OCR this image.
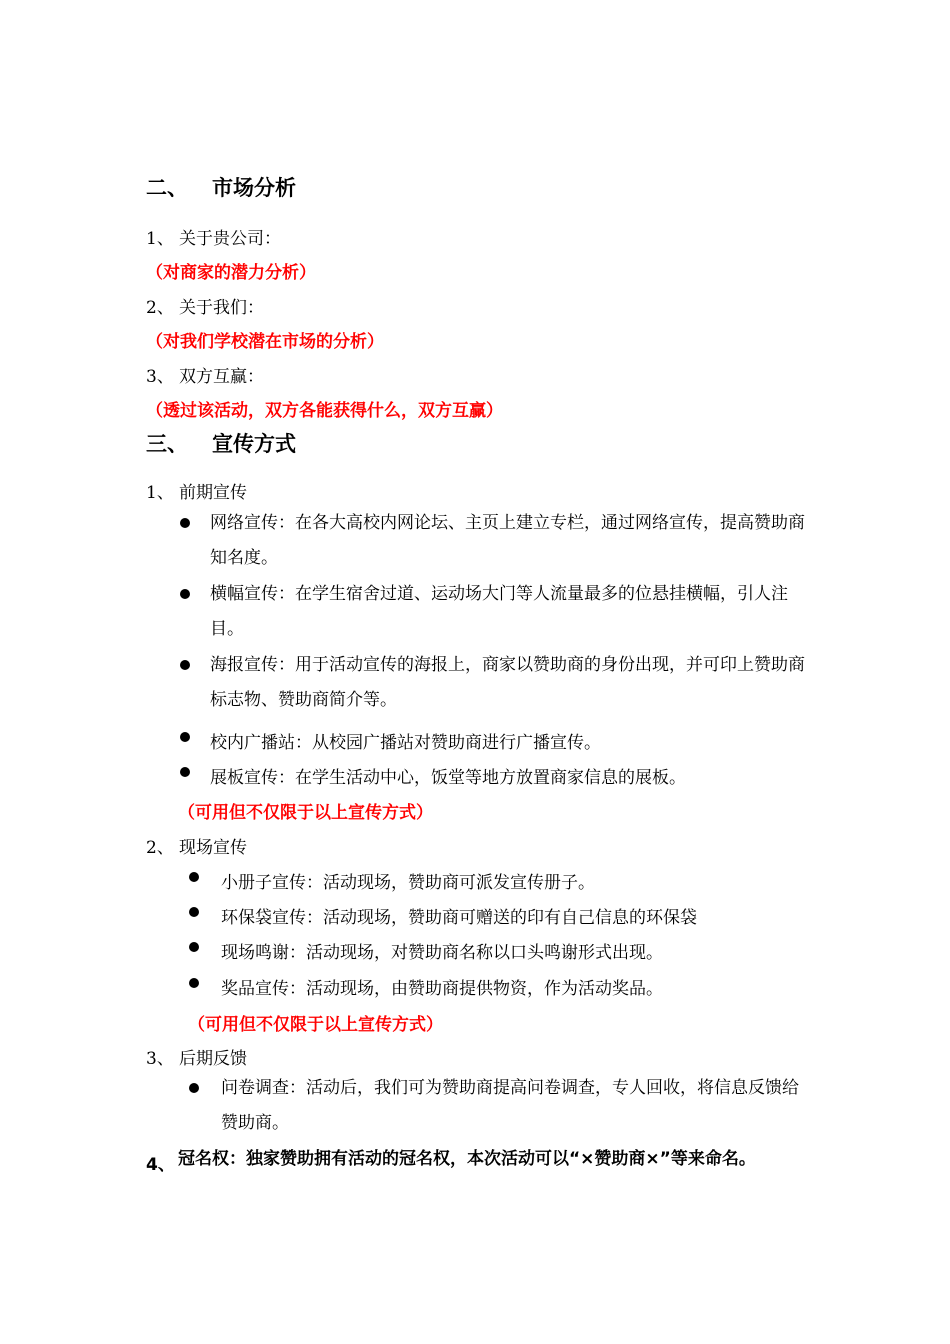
二、 市场分析
1、 关于贵公司：
（对商家的潜力分析）
2、 关于我们：
（对我们学校潜在市场的分析）
3、 双方互赢：
（透过该活动，双方各能获得什么，双方互赢）
三、 宣传方式
1、 前期宣传
网络宣传：在各大高校内网论坛、主页上建立专栏，通过网络宣传，提高赞助商知名度。
横幅宣传：在学生宿舍过道、运动场大门等人流量最多的位悬挂横幅，引人注目。
海报宣传：用于活动宣传的海报上，商家以赞助商的身份出现，并可印上赞助商标志物、赞助商简介等。
校内广播站：从校园广播站对赞助商进行广播宣传。
展板宣传：在学生活动中心，饭堂等地方放置商家信息的展板。
（可用但不仅限于以上宣传方式）
2、 现场宣传
小册子宣传：活动现场，赞助商可派发宣传册子。
环保袋宣传：活动现场，赞助商可赠送的印有自己信息的环保袋
现场鸣谢：活动现场，对赞助商名称以口头鸣谢形式出现。
奖品宣传：活动现场，由赞助商提供物资，作为活动奖品。
（可用但不仅限于以上宣传方式）
3、 后期反馈
问卷调查：活动后，我们可为赞助商提高问卷调查，专人回收，将信息反馈给赞助商。
4、 冠名权：独家赞助拥有活动的冠名权，本次活动可以“×赞助商×”等来命名。
